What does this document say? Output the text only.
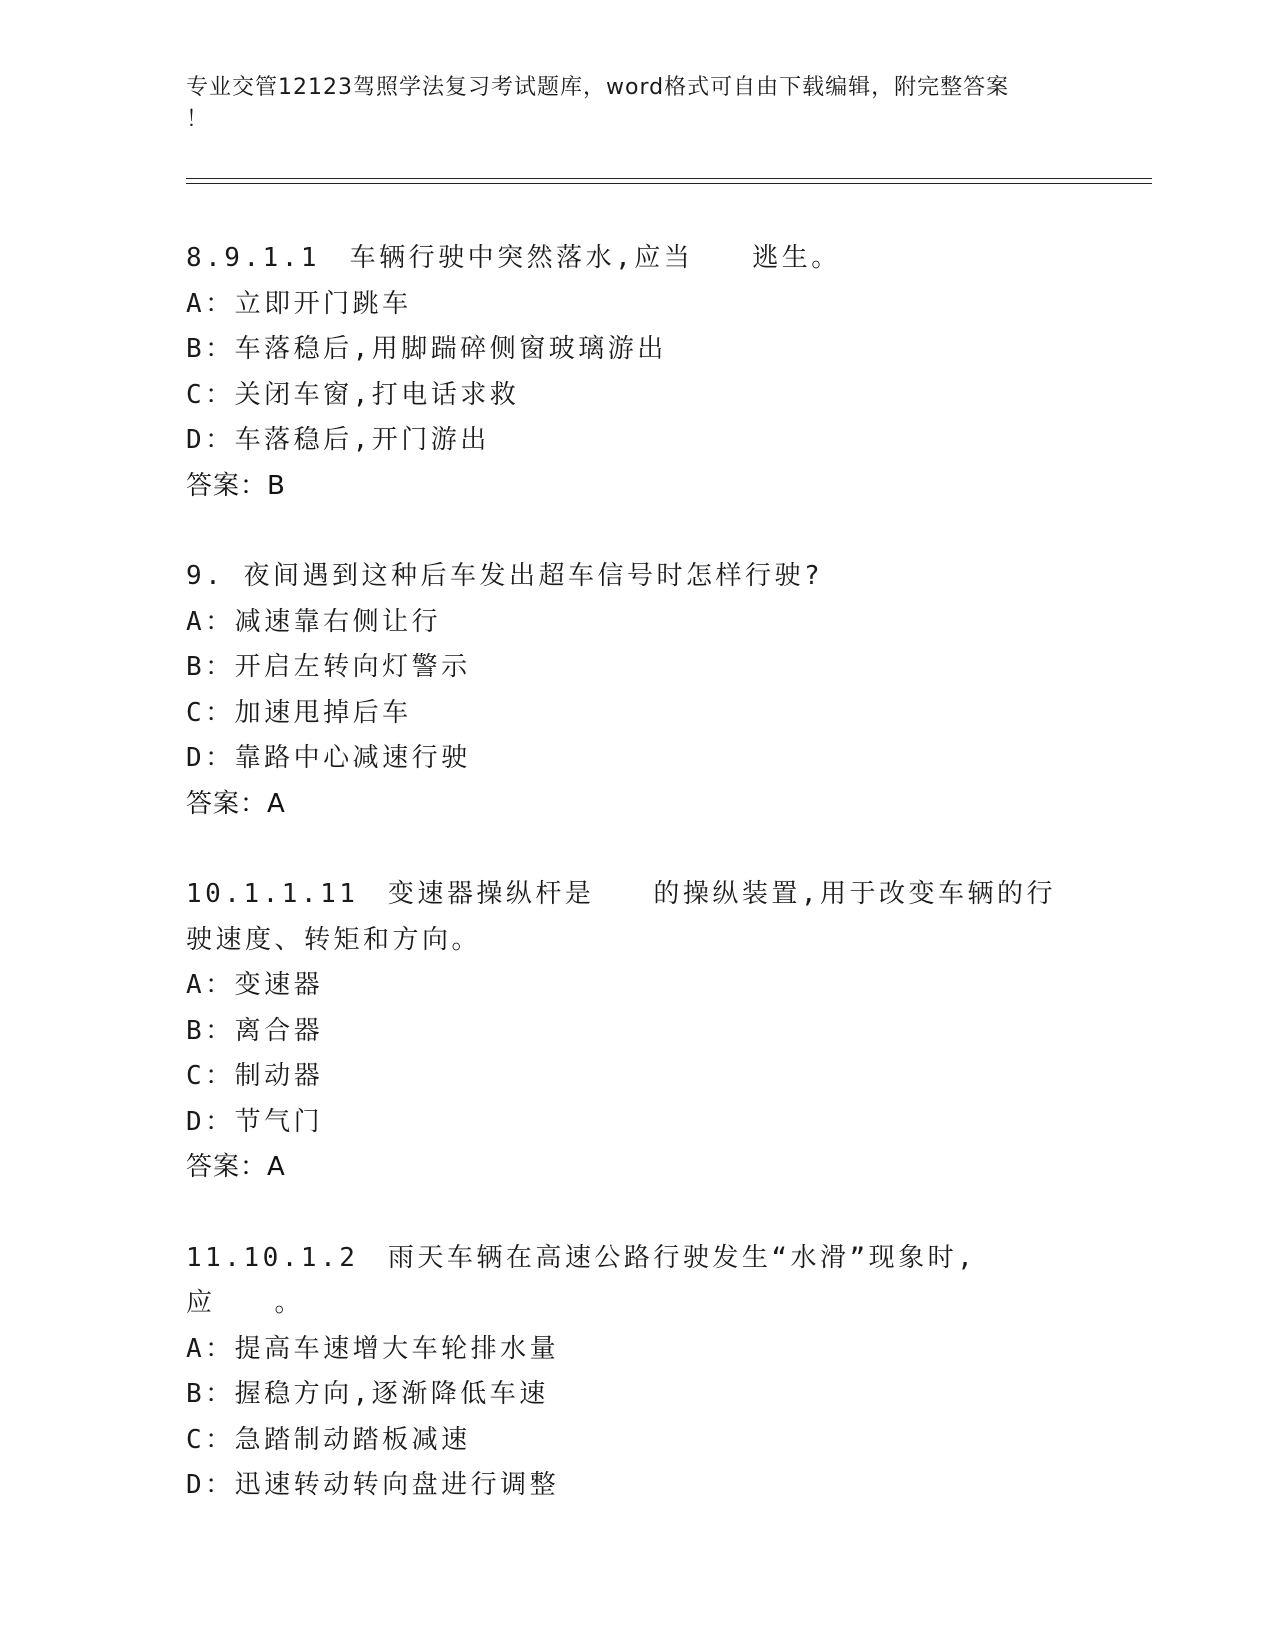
专业交管12123驾照学法复习考试题库，word格式可自由下载编辑，附完整答案
！
8.9.1.1　车辆行驶中突然落水,应当　　逃生。
A：立即开门跳车
B：车落稳后,用脚踹碎侧窗玻璃游出
C：关闭车窗,打电话求救
D：车落稳后,开门游出
答案：B
9. 夜间遇到这种后车发出超车信号时怎样行驶?
A：减速靠右侧让行
B：开启左转向灯警示
C：加速甩掉后车
D：靠路中心减速行驶
答案：A
10.1.1.11　变速器操纵杆是　　的操纵装置,用于改变车辆的行驶速度、转矩和方向。
A：变速器
B：离合器
C：制动器
D：节气门
答案：A
11.10.1.2　雨天车辆在高速公路行驶发生“水滑”现象时,应　　。
A：提高车速增大车轮排水量
B：握稳方向,逐渐降低车速
C：急踏制动踏板减速
D：迅速转动转向盘进行调整
